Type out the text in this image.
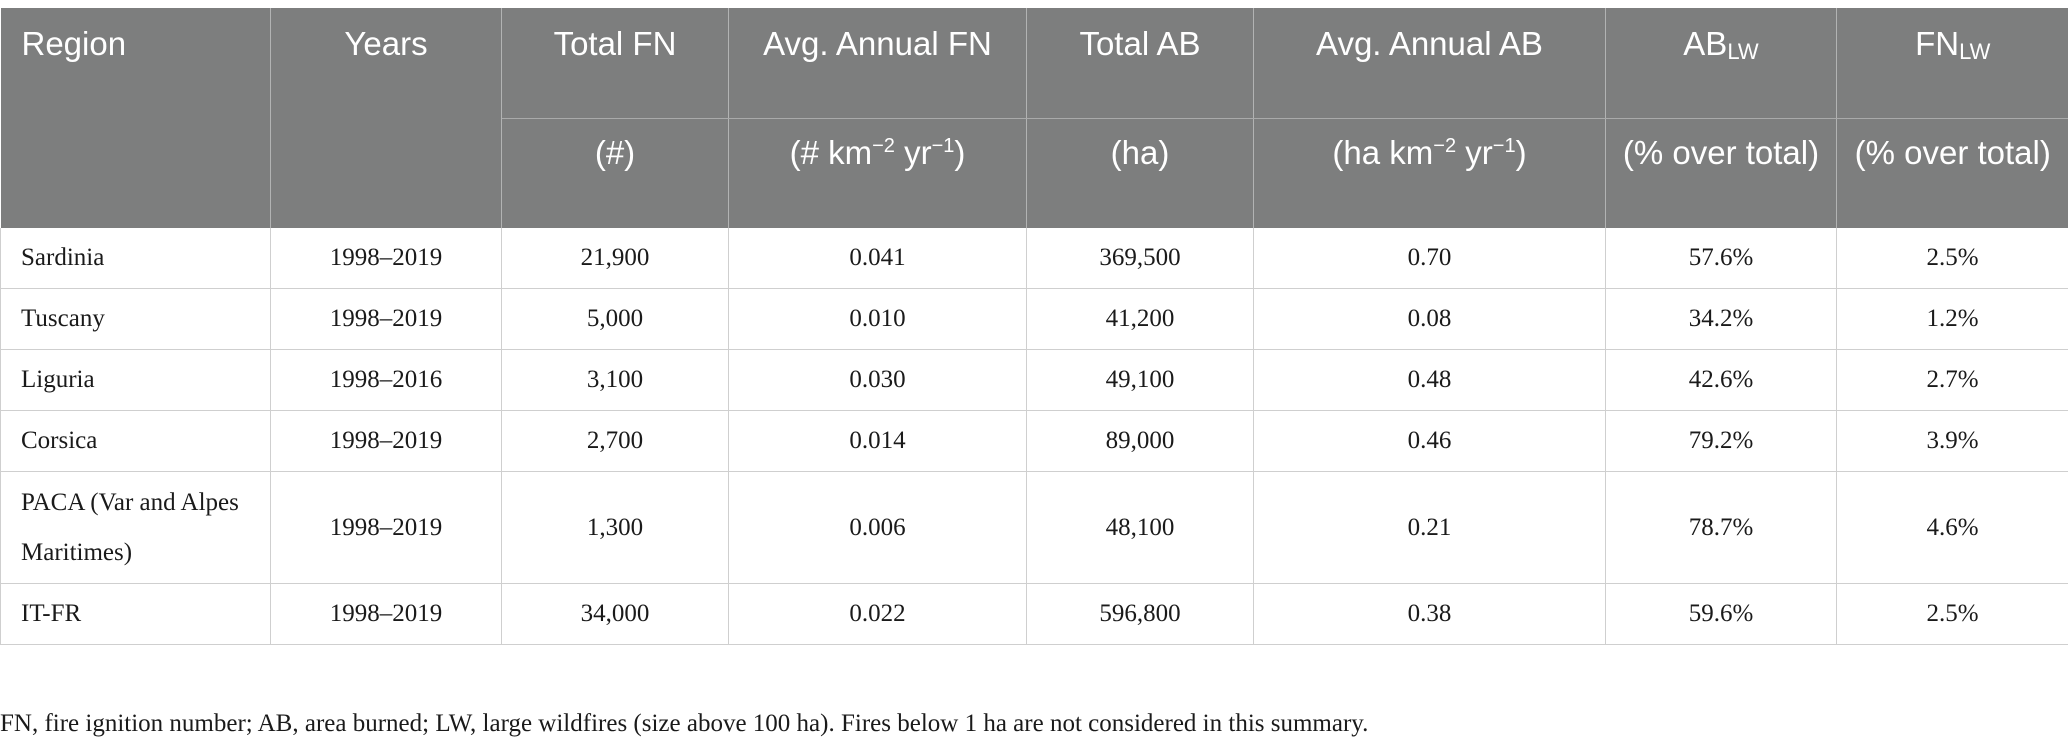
Region	Years	Total FN	Avg. Annual FN	Total AB	Avg. Annual AB	$AB_{LW}$	$FN_{LW}$
		(#)	(# $km^{-2}$ $yr^{-1}$)	(ha)	(ha $km^{-2}$ $yr^{-1}$)	(% over total)	(% over total)
Sardinia	1998–2019	21,900	0.041	369,500	0.70	57.6%	2.5%
Tuscany	1998–2019	5,000	0.010	41,200	0.08	34.2%	1.2%
Liguria	1998–2016	3,100	0.030	49,100	0.48	42.6%	2.7%
Corsica	1998–2019	2,700	0.014	89,000	0.46	79.2%	3.9%
PACA (Var and Alpes Maritimes)	1998–2019	1,300	0.006	48,100	0.21	78.7%	4.6%
IT-FR	1998–2019	34,000	0.022	596,800	0.38	59.6%	2.5%

FN, fire ignition number; AB, area burned; LW, large wildfires (size above 100 ha). Fires below 1 ha are not considered in this summary.
